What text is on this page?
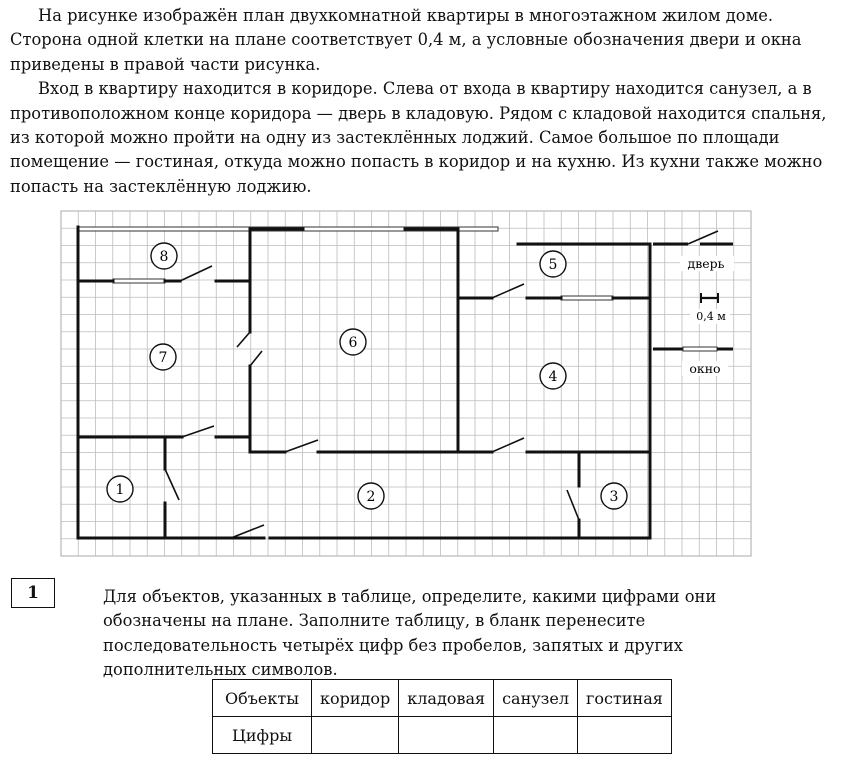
На рисунке изображён план двухкомнатной квартиры в многоэтажном жилом доме. Сторона одной клетки на плане соответствует 0,4 м, а условные обозначения двери и окна приведены в правой части рисунка.

Вход в квартиру находится в коридоре. Слева от входа в квартиру находится санузел, а в противоположном конце коридора — дверь в кладовую. Рядом с кладовой находится спальня, из которой можно пройти на одну из застеклённых лоджий. Самое большое по площади помещение — гостиная, откуда можно попасть в коридор и на кухню. Из кухни также можно попасть на застеклённую лоджию.

1	2	3
4
5
6
7
8	дверь
0,4 м
окно
1	Для объектов, указанных в таблице, определите, какими цифрами они обозначены на плане. Заполните таблицу, в бланк перенесите последовательность четырёх цифр без пробелов, запятых и других дополнительных символов.

Объекты	коридор	кладовая	санузел	гостиная
Цифры				
